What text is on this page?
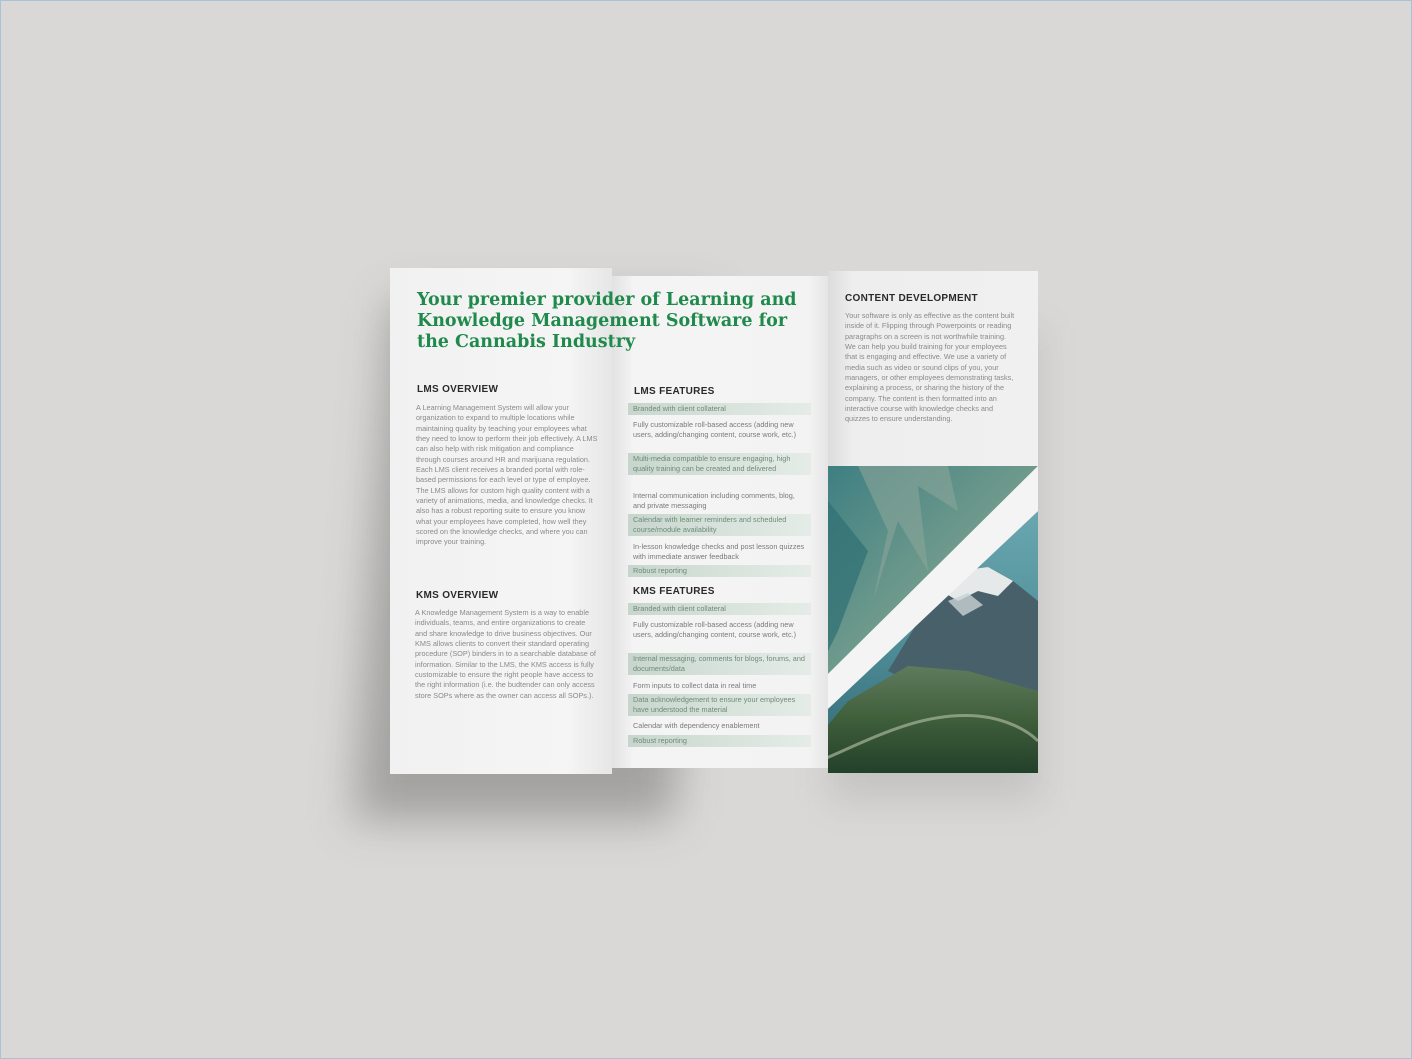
Your premier provider of Learning and Knowledge Management Software for the Cannabis Industry
LMS OVERVIEW

A Learning Management System will allow your organization to expand to multiple locations while maintaining quality by teaching your employees what they need to know to perform their job effectively. A LMS can also help with risk mitigation and compliance through courses around HR and marijuana regulation. Each LMS client receives a branded portal with role-based permissions for each level or type of employee. The LMS allows for custom high quality content with a variety of animations, media, and knowledge checks. It also has a robust reporting suite to ensure you know what your employees have completed, how well they scored on the knowledge checks, and where you can improve your training.

KMS OVERVIEW

A Knowledge Management System is a way to enable individuals, teams, and entire organizations to create and share knowledge to drive business objectives. Our KMS allows clients to convert their standard operating procedure (SOP) binders in to a searchable database of information. Similar to the LMS, the KMS access is fully customizable to ensure the right people have access to the right information (i.e. the budtender can only access store SOPs where as the owner can access all SOPs.).

LMS FEATURES
Branded with client collateral
Fully customizable roll-based access (adding new users, adding/changing content, course work, etc.)
Multi-media compatible to ensure engaging, high quality training can be created and delivered
Internal communication including comments, blog, and private messaging
Calendar with learner reminders and scheduled course/module availability
In-lesson knowledge checks and post lesson quizzes with immediate answer feedback
Robust reporting
KMS FEATURES
Branded with client collateral
Fully customizable roll-based access (adding new users, adding/changing content, course work, etc.)
Internal messaging, comments for blogs, forums, and documents/data
Form inputs to collect data in real time
Data acknowledgement to ensure your employees have understood the material
Calendar with dependency enablement
Robust reporting
CONTENT DEVELOPMENT

Your software is only as effective as the content built inside of it. Flipping through Powerpoints or reading paragraphs on a screen is not worthwhile training. We can help you build training for your employees that is engaging and effective. We use a variety of media such as video or sound clips of you, your managers, or other employees demonstrating tasks, explaining a process, or sharing the history of the company. The content is then formatted into an interactive course with knowledge checks and quizzes to ensure understanding.
